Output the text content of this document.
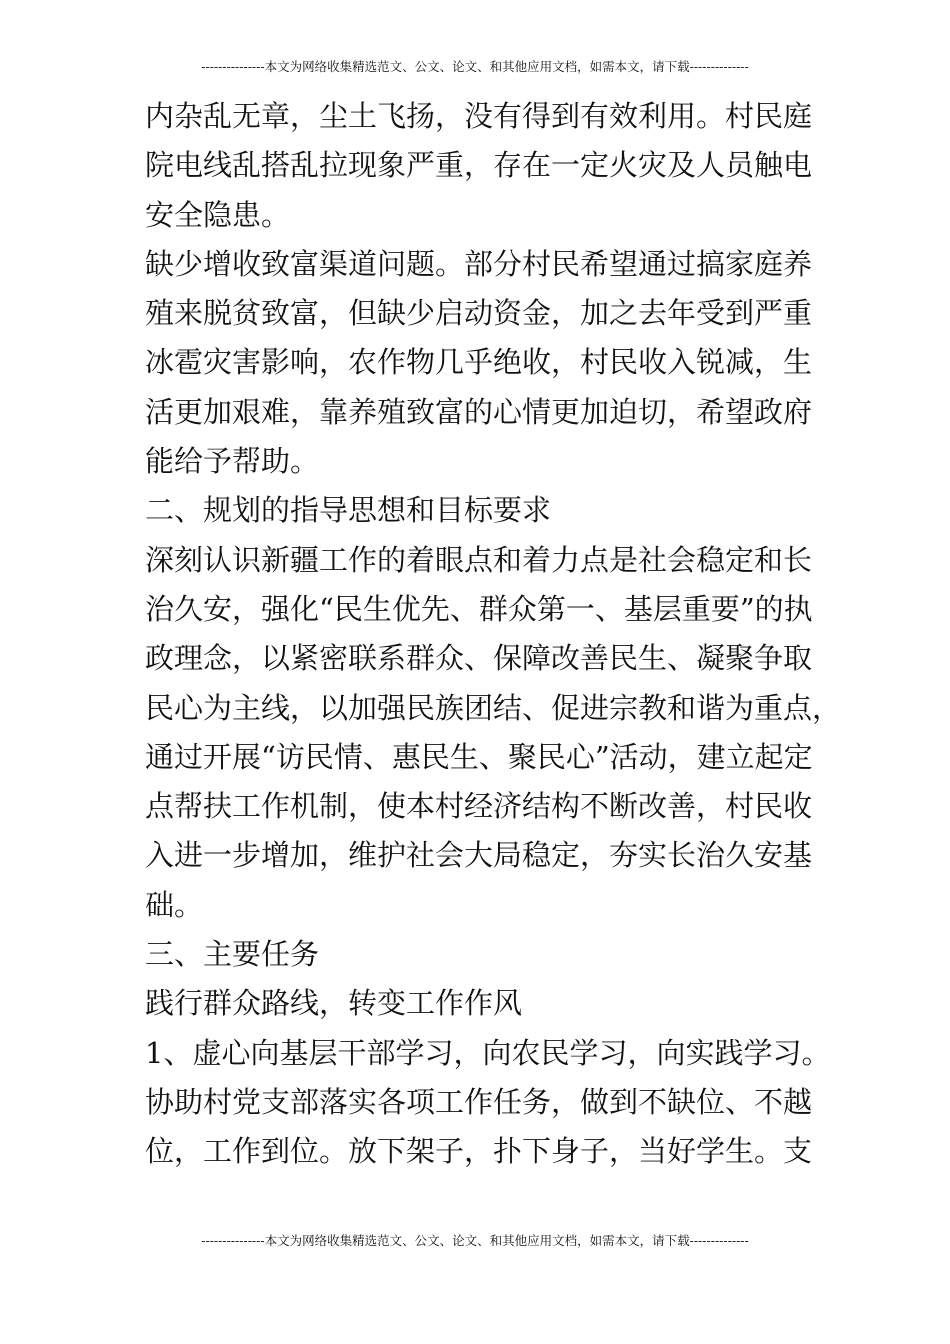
---------------本文为网络收集精选范文、公文、论文、和其他应用文档，如需本文，请下载--------------
内杂乱无章，尘土飞扬，没有得到有效利用。村民庭
院电线乱搭乱拉现象严重，存在一定火灾及人员触电
安全隐患。
缺少增收致富渠道问题。部分村民希望通过搞家庭养
殖来脱贫致富，但缺少启动资金，加之去年受到严重
冰雹灾害影响，农作物几乎绝收，村民收入锐减，生
活更加艰难，靠养殖致富的心情更加迫切，希望政府
能给予帮助。
二、规划的指导思想和目标要求
深刻认识新疆工作的着眼点和着力点是社会稳定和长
治久安，强化“民生优先、群众第一、基层重要”的执
政理念，以紧密联系群众、保障改善民生、凝聚争取
民心为主线，以加强民族团结、促进宗教和谐为重点，
通过开展“访民情、惠民生、聚民心”活动，建立起定
点帮扶工作机制，使本村经济结构不断改善，村民收
入进一步增加，维护社会大局稳定，夯实长治久安基
础。
三、主要任务
践行群众路线，转变工作作风
1、虚心向基层干部学习，向农民学习，向实践学习。
协助村党支部落实各项工作任务，做到不缺位、不越
位，工作到位。放下架子，扑下身子，当好学生。支
---------------本文为网络收集精选范文、公文、论文、和其他应用文档，如需本文，请下载--------------
